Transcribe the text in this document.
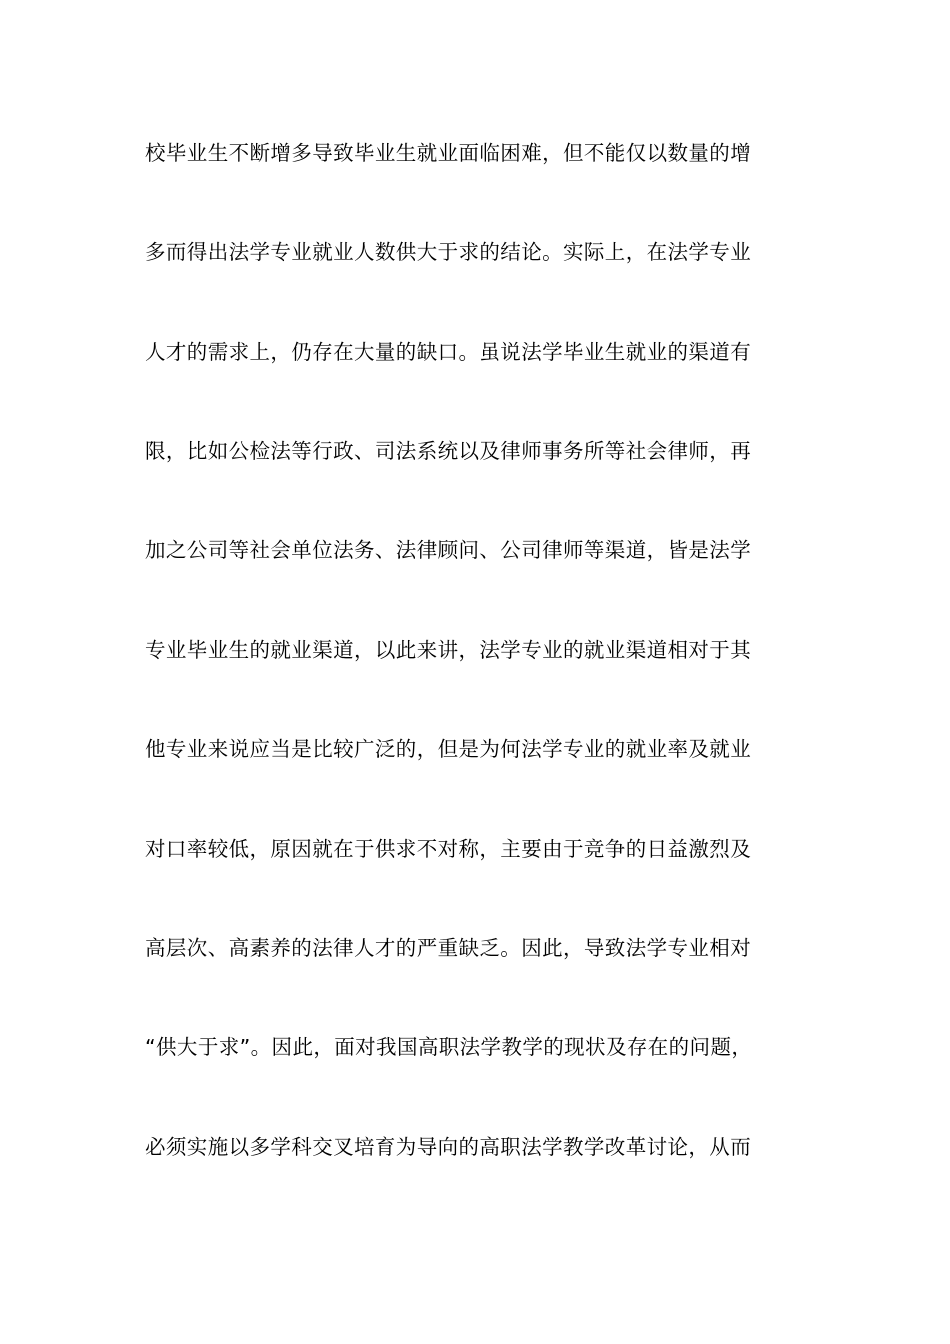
校毕业生不断增多导致毕业生就业面临困难，但不能仅以数量的增
多而得出法学专业就业人数供大于求的结论。实际上，在法学专业
人才的需求上，仍存在大量的缺口。虽说法学毕业生就业的渠道有
限，比如公检法等行政、司法系统以及律师事务所等社会律师，再
加之公司等社会单位法务、法律顾问、公司律师等渠道，皆是法学
专业毕业生的就业渠道，以此来讲，法学专业的就业渠道相对于其
他专业来说应当是比较广泛的，但是为何法学专业的就业率及就业
对口率较低，原因就在于供求不对称，主要由于竞争的日益激烈及
高层次、高素养的法律人才的严重缺乏。因此，导致法学专业相对
“供大于求”。因此，面对我国高职法学教学的现状及存在的问题，
必须实施以多学科交叉培育为导向的高职法学教学改革讨论，从而
